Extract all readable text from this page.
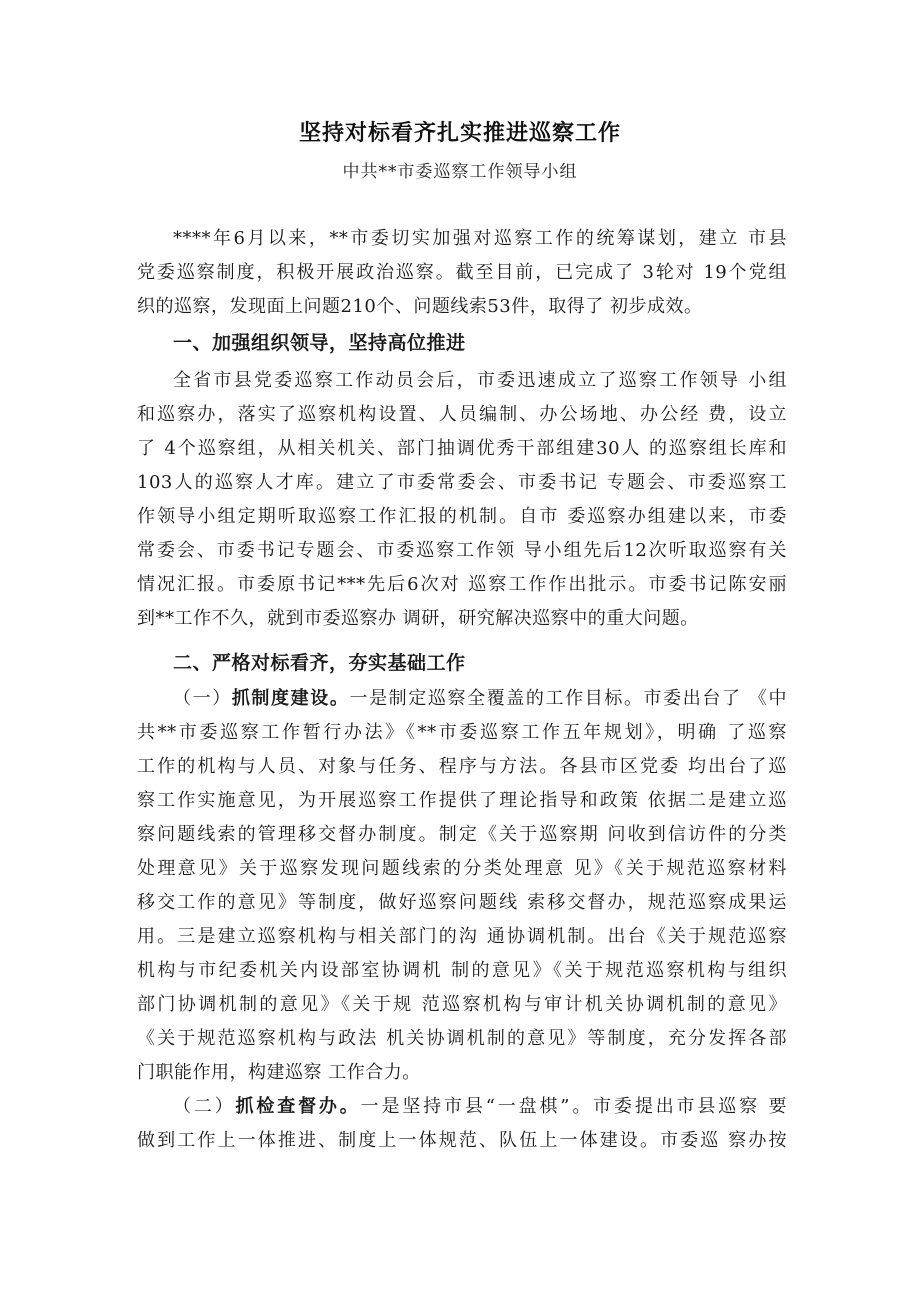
坚持对标看齐扎实推进巡察工作
中共**市委巡察工作领导小组
****年6月以来，**市委切实加强对巡察工作的统筹谋划，建立 市县
党委巡察制度，积极开展政治巡察。截至目前，已完成了 3轮对 19个党组
织的巡察，发现面上问题210个、问题线索53件，取得了 初步成效。
一、加强组织领导，坚持高位推进
全省市县党委巡察工作动员会后，市委迅速成立了巡察工作领导 小组
和巡察办，落实了巡察机构设置、人员编制、办公场地、办公经 费，设立
了 4个巡察组，从相关机关、部门抽调优秀干部组建30人 的巡察组长库和
103人的巡察人才库。建立了市委常委会、市委书记 专题会、市委巡察工
作领导小组定期听取巡察工作汇报的机制。自市 委巡察办组建以来，市委
常委会、市委书记专题会、市委巡察工作领 导小组先后12次听取巡察有关
情况汇报。市委原书记***先后6次对 巡察工作作出批示。市委书记陈安丽
到**工作不久，就到市委巡察办 调研，研究解决巡察中的重大问题。
二、严格对标看齐，夯实基础工作
（一）抓制度建设。一是制定巡察全覆盖的工作目标。市委出台了 《中
共**市委巡察工作暂行办法》《**市委巡察工作五年规划》，明确 了巡察
工作的机构与人员、对象与任务、程序与方法。各县市区党委 均出台了巡
察工作实施意见，为开展巡察工作提供了理论指导和政策 依据二是建立巡
察问题线索的管理移交督办制度。制定《关于巡察期 问收到信访件的分类
处理意见》关于巡察发现问题线索的分类处理意 见》《关于规范巡察材料
移交工作的意见》等制度，做好巡察问题线 索移交督办，规范巡察成果运
用。三是建立巡察机构与相关部门的沟 通协调机制。出台《关于规范巡察
机构与市纪委机关内设部室协调机 制的意见》《关于规范巡察机构与组织
部门协调机制的意见》《关于规 范巡察机构与审计机关协调机制的意见》
《关于规范巡察机构与政法 机关协调机制的意见》等制度，充分发挥各部
门职能作用，构建巡察 工作合力。
（二）抓检查督办。一是坚持市县“一盘棋”。市委提出市县巡察 要
做到工作上一体推进、制度上一体规范、队伍上一体建设。市委巡 察办按
